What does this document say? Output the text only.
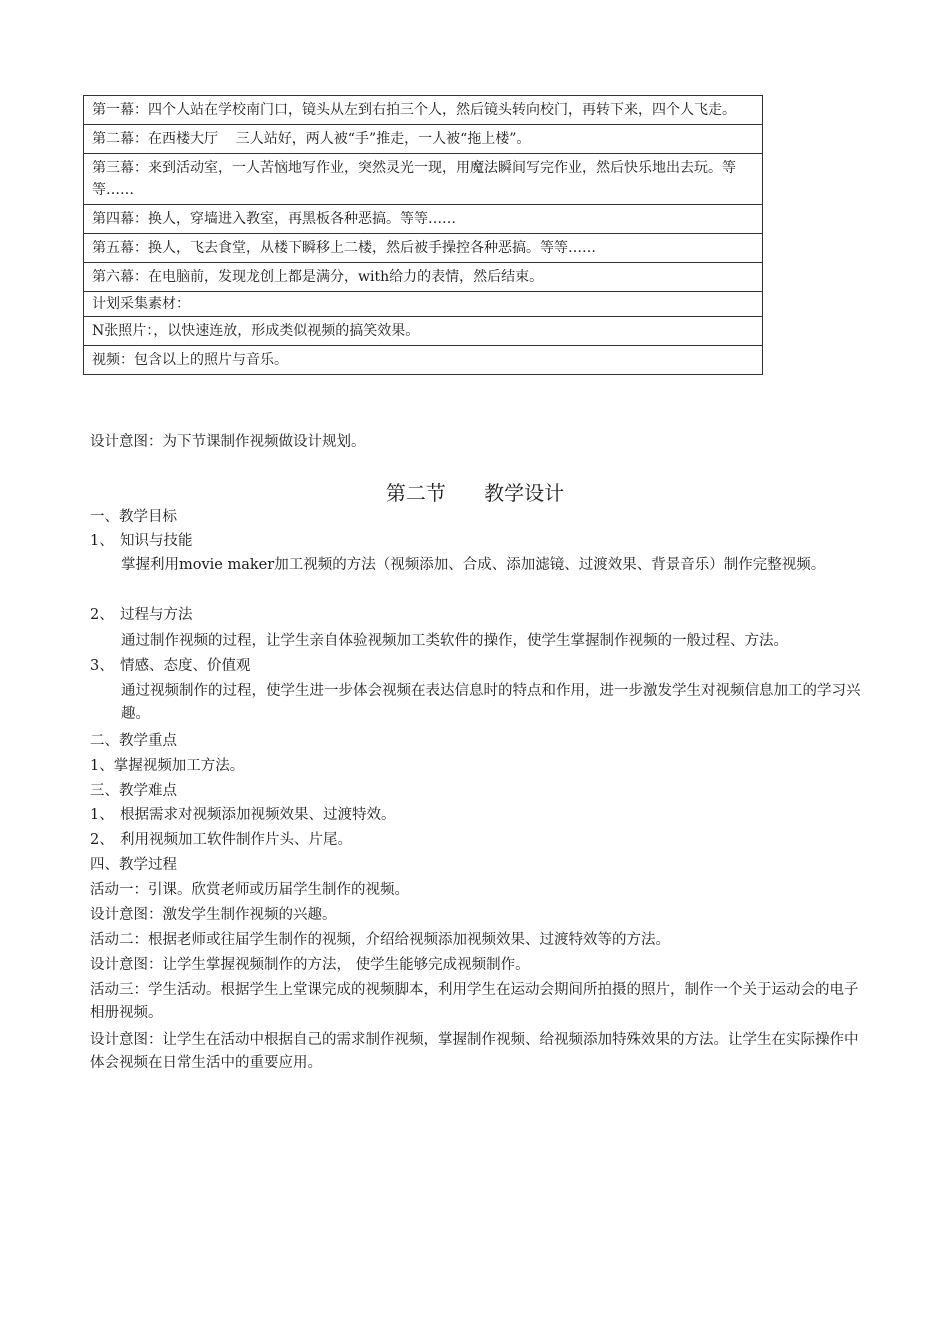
第一幕：四个人站在学校南门口，镜头从左到右拍三个人，然后镜头转向校门，再转下来，四个人飞走。
第二幕：在西楼大厅    三人站好，两人被“手”推走，一人被“拖上楼”。
第三幕：来到活动室，一人苦恼地写作业，突然灵光一现，用魔法瞬间写完作业，然后快乐地出去玩。等等……
第四幕：换人，穿墙进入教室，再黑板各种恶搞。等等……
第五幕：换人，飞去食堂，从楼下瞬移上二楼，然后被手操控各种恶搞。等等……
第六幕：在电脑前，发现龙创上都是满分，with给力的表情，然后结束。
计划采集素材：
N张照片：，以快速连放，形成类似视频的搞笑效果。
视频：包含以上的照片与音乐。
设计意图：为下节课制作视频做设计规划。
第二节      教学设计
一、教学目标
1、 知识与技能
掌握利用movie maker加工视频的方法（视频添加、合成、添加滤镜、过渡效果、背景音乐）制作完整视频。
2、 过程与方法
通过制作视频的过程，让学生亲自体验视频加工类软件的操作，使学生掌握制作视频的一般过程、方法。
3、 情感、态度、价值观
通过视频制作的过程，使学生进一步体会视频在表达信息时的特点和作用，进一步激发学生对视频信息加工的学习兴趣。
二、教学重点
1、掌握视频加工方法。
三、教学难点
1、 根据需求对视频添加视频效果、过渡特效。
2、 利用视频加工软件制作片头、片尾。
四、教学过程
活动一：引课。欣赏老师或历届学生制作的视频。
设计意图：激发学生制作视频的兴趣。
活动二：根据老师或往届学生制作的视频，介绍给视频添加视频效果、过渡特效等的方法。
设计意图：让学生掌握视频制作的方法， 使学生能够完成视频制作。
活动三：学生活动。根据学生上堂课完成的视频脚本，利用学生在运动会期间所拍摄的照片，制作一个关于运动会的电子相册视频。
设计意图：让学生在活动中根据自己的需求制作视频，掌握制作视频、给视频添加特殊效果的方法。让学生在实际操作中体会视频在日常生活中的重要应用。
